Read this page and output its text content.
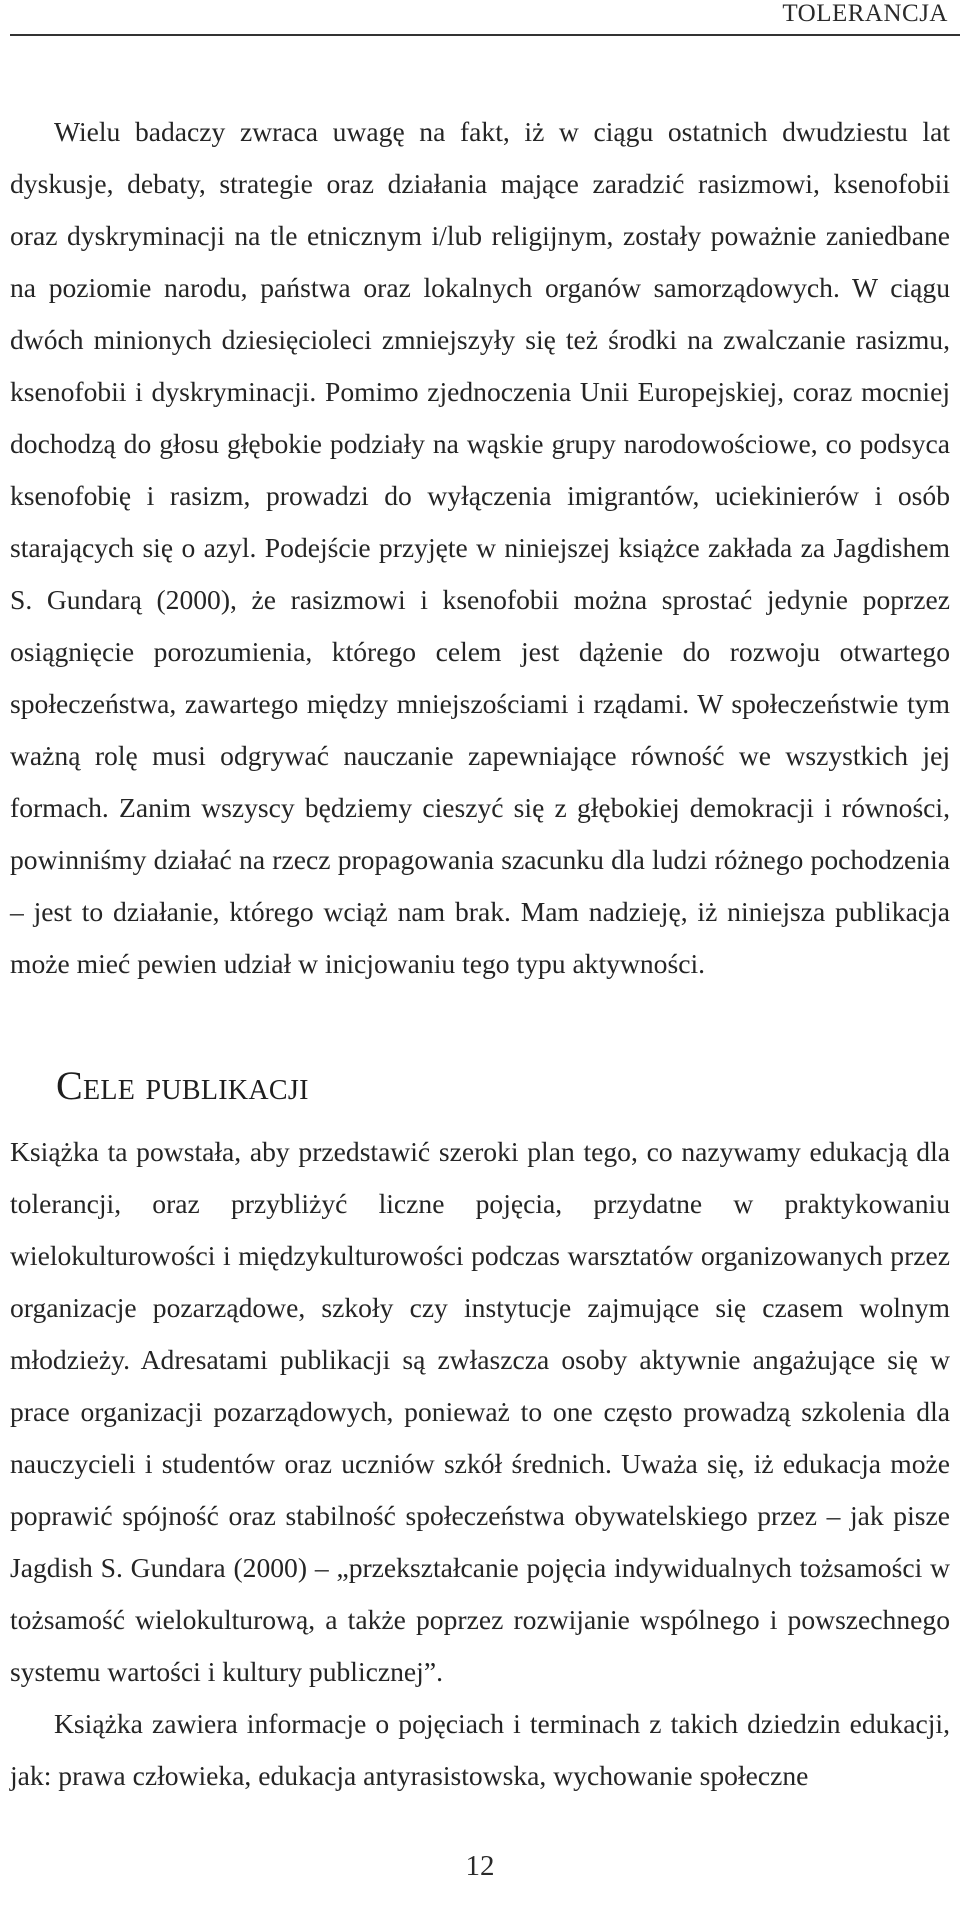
TOLERANCJA

Wielu badaczy zwraca uwagę na fakt, iż w ciągu ostatnich dwudziestu lat dyskusje, debaty, strategie oraz działania mające zaradzić rasizmowi, ksenofobii oraz dyskryminacji na tle etnicznym i/lub religijnym, zostały poważnie zaniedbane na poziomie narodu, państwa oraz lokalnych organów samorządowych. W ciągu dwóch minionych dziesięcioleci zmniejszyły się też środki na zwalczanie rasizmu, ksenofobii i dyskryminacji. Pomimo zjednoczenia Unii Europejskiej, coraz mocniej dochodzą do głosu głębokie podziały na wąskie grupy narodowościowe, co podsyca ksenofobię i rasizm, prowadzi do wyłączenia imigrantów, uciekinierów i osób starających się o azyl. Podejście przyjęte w niniejszej książce zakłada za Jagdishem S. Gundarą (2000), że rasizmowi i ksenofobii można sprostać jedynie poprzez osiągnięcie porozumienia, którego celem jest dążenie do rozwoju otwartego społeczeństwa, zawartego między mniejszościami i rządami. W społeczeństwie tym ważną rolę musi odgrywać nauczanie zapewniające równość we wszystkich jej formach. Zanim wszyscy będziemy cieszyć się z głębokiej demokracji i równości, powinniśmy działać na rzecz propagowania szacunku dla ludzi różnego pochodzenia – jest to działanie, którego wciąż nam brak. Mam nadzieję, iż niniejsza publikacja może mieć pewien udział w inicjowaniu tego typu aktywności.

Cele publikacji

Książka ta powstała, aby przedstawić szeroki plan tego, co nazywamy edukacją dla tolerancji, oraz przybliżyć liczne pojęcia, przydatne w praktykowaniu wielokulturowości i międzykulturowości podczas warsztatów organizowanych przez organizacje pozarządowe, szkoły czy instytucje zajmujące się czasem wolnym młodzieży. Adresatami publikacji są zwłaszcza osoby aktywnie angażujące się w prace organizacji pozarządowych, ponieważ to one często prowadzą szkolenia dla nauczycieli i studentów oraz uczniów szkół średnich. Uważa się, iż edukacja może poprawić spójność oraz stabilność społeczeństwa obywatelskiego przez – jak pisze Jagdish S. Gundara (2000) – „przekształcanie pojęcia indywidualnych tożsamości w tożsamość wielokulturową, a także poprzez rozwijanie wspólnego i powszechnego systemu wartości i kultury publicznej”.

Książka zawiera informacje o pojęciach i terminach z takich dziedzin edukacji, jak: prawa człowieka, edukacja antyrasistowska, wychowanie społeczne

12
